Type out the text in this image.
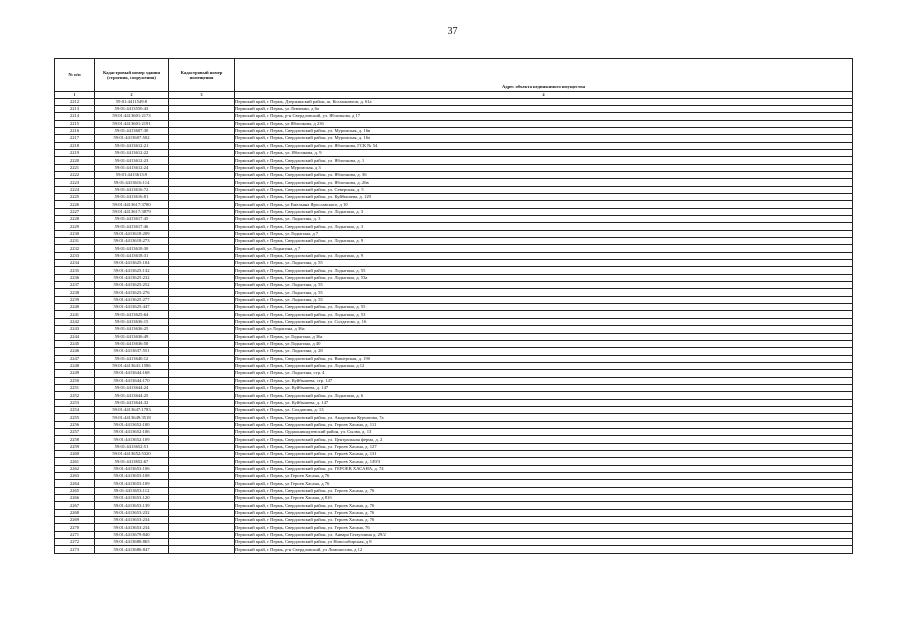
37
№ п/п	Кадастровый номер здания (строения, сооружения)	Кадастровый номер помещения	Адрес объекта недвижимого имущества
1	2	3	4
2212	59:01:4411549:8		Пермский край, г Пермь, Дзержинский район, ш. Космонавтов, д. 61а
2213	59:01:4413550:43		Пермский край, г Пермь, ул Левченко, д 6а
2214	59:01:4413601:2173		Пермский край, г Пермь, р-н Свердловский, ул. Яблочкова, д 17
2215	59:01:4413601:2191		Пермский край, г Пермь, ул Яблочкова, д 23б
2216	59:01:4413607:30		Пермский край, г Пермь, Свердловский район, ул. Муромская, д. 16в
2217	59:01:4413607:502		Пермский край, г Пермь, Свердловский район, ул. Муромская, д. 16а
2218	59:01:4413612:21		Пермский край, г Пермь, Свердловский район, ул. Яблочкова, ГСК № 54
2219	59:01:4413612:22		Пермский край, г Пермь, ул. Яблочкова, д. 9
2220	59:01:4413612:23		Пермский край, г Пермь, Свердловский район, ул. Яблочкова, д. 1
2221	59:01:4413612:24		Пермский край, г Пермь, ул Муромская, д 3
2222	59:01:4413613:9		Пермский край, г Пермь, Свердловский район, ул. Яблочкова, д. 36
2223	59:01:4413616:114		Пермский край, г Пермь, Свердловский район, ул. Яблочкова, д. 26в
2224	59:01:4413616:72		Пермский край, г Пермь, Свердловский район, ул. Северская, д. 5
2225	59:01:4413616:81		Пермский край, г Пермь, Свердловский район, ул. Куйбышева, д. 129
2226	59:01:4413617:3780		Пермский край, г Пермь, ул Емельяна Ярославского, д 10
2227	59:01:4413617:3879		Пермский край, г Пермь, Свердловский район, ул. Лодыгина, д. 3
2228	59:01:4413617:45		Пермский край, г Пермь, ул. Лодыгина, д. 3
2229	59:01:4413617:46		Пермский край, г Пермь, Свердловский район, ул. Лодыгина, д. 3
2230	59:01:4413618:209		Пермский край, г Пермь, ул Лодыгина, д 7
2231	59:01:4413618:273		Пермский край, г Пермь, Свердловский район, ул. Лодыгина, д. 9
2232	59:01:4413618:30		Пермский край, ул Лодыгина, д 7
2233	59:01:4413618:31		Пермский край, г Пермь, Свердловский район, ул. Лодыгина, д. 9
2234	59:01:4413625:104		Пермский край, г Пермь, ул. Лодыгина, д. 55
2235	59:01:4413625:132		Пермский край, г Пермь, Свердловский район, ул. Лодыгина, д. 55
2236	59:01:4413625:232		Пермский край, г Пермь, Свердловский район, ул. Лодыгина, д. 53а
2237	59:01:4413625:252		Пермский край, г Пермь, ул. Лодыгина, д. 55
2238	59:01:4413625:276		Пермский край, г Пермь, ул. Лодыгина, д. 55
2239	59:01:4413625:277		Пермский край, г Пермь, ул. Лодыгина, д. 55
2240	59:01:4413625:447		Пермский край, г Пермь, Свердловский район, ул. Лодыгина, д. 55
2241	59:01:4413625:64		Пермский край, г Пермь, Свердловский район, ул. Лодыгина, д. 53
2242	59:01:4413636:15		Пермский край, г Пермь, Свердловский район, ул. Солдатова, д. 16
2243	59:01:4413636:25		Пермский край, ул Лодыгина, д 36а
2244	59:01:4413636:49		Пермский край, г Пермь, ул Лодыгина, д 36а
2245	59:01:4413636:50		Пермский край, г Пермь, ул Лодыгина, д 40
2246	59:01:4413637:551		Пермский край, г Пермь, ул. Лодыгина, д. 28
2247	59:01:4413640:12		Пермский край, г Пермь, Свердловский район, ул. Вишерская, д. 19б
2248	59:01:4413641:1586		Пермский край, г Пермь, Свердловский район, ул. Лодыгина, д.12
2249	59:01:4413644:168		Пермский край, г Пермь, ул. Лодыгина, стр. 4
2250	59:01:4413644:170		Пермский край, г Пермь, ул. Куйбышева, стр. 147
2251	59:01:4413644:24		Пермский край, г Пермь, ул. Куйбышева, д. 147
2252	59:01:4413644:25		Пермский край, г Пермь, Свердловский район, ул. Лодыгина, д. 6
2253	59:01:4413644:32		Пермский край, г Пермь, ул. Куйбышева, д. 147
2254	59:01:4413647:1783		Пермский край, г Пермь, ул. Солдатова, д. 13
2255	59:01:4413649:3518		Пермский край, г Пермь, Свердловский район, ул. Академика Курчатова, 7а
2256	59:01:4413652:100		Пермский край, г Пермь, Свердловский район, ул. Героев Хасана, д. 111
2257	59:01:4413652:106		Пермский край, г Пермь, Орджоникидзевский район, ул. Сылва, д. 13
2258	59:01:4413652:109		Пермский край, г Пермь, Свердловский район, ул. Центральная ферма, д. 2
2259	59:01:4413652:51		Пермский край, г Пермь, Свердловский район, ул. Героев Хасана, д. 127
2260	59:01:4413652:5320		Пермский край, г Пермь, Свердловский район, ул. Героев Хасана, д. 131
2261	59:01:4413652:67		Пермский край, г Пермь, Свердловский район, ул. Героев Хасана, д. 149/3
2262	59:01:4413653:106		Пермский край, г Пермь, Свердловский район, ул. ГЕРОЕВ ХАСАНА, д. 74
2263	59:01:4413653:108		Пермский край, г Пермь, ул Героев Хасана, д 76
2264	59:01:4413653:109		Пермский край, г Пермь, ул Героев Хасана, д 76
2265	59:01:4413653:112		Пермский край, г Пермь, Свердловский район, ул. Героев Хасана, д. 76
2266	59:01:4413653:120		Пермский край, г Пермь, ул Героев Хасана, д 81б
2267	59:01:4413653:139		Пермский край, г Пермь, Свердловский район, ул. Героев Хасана, д. 76
2268	59:01:4413653:232		Пермский край, г Пермь, Свердловский район, ул. Героев Хасана, д. 76
2269	59:01:4413653:234		Пермский край, г Пермь, Свердловский район, ул. Героев Хасана, д. 76
2270	59:01:4413653:234		Пермский край, г Пермь, Свердловский район, ул. Героев Хасана, 76
2271	59:01:4413679:840		Пермский край, г Пермь, Свердловский район, ул. Анвара Гатауллина д. 29/2
2272	59:01:4413680:865		Пермский край, г Пермь, Свердловский район, ул Новосибирская, д 8
2273	59:01:4413686:847		Пермский край, г Пермь, р-н Свердловский, ул Ломоносова, д 12
